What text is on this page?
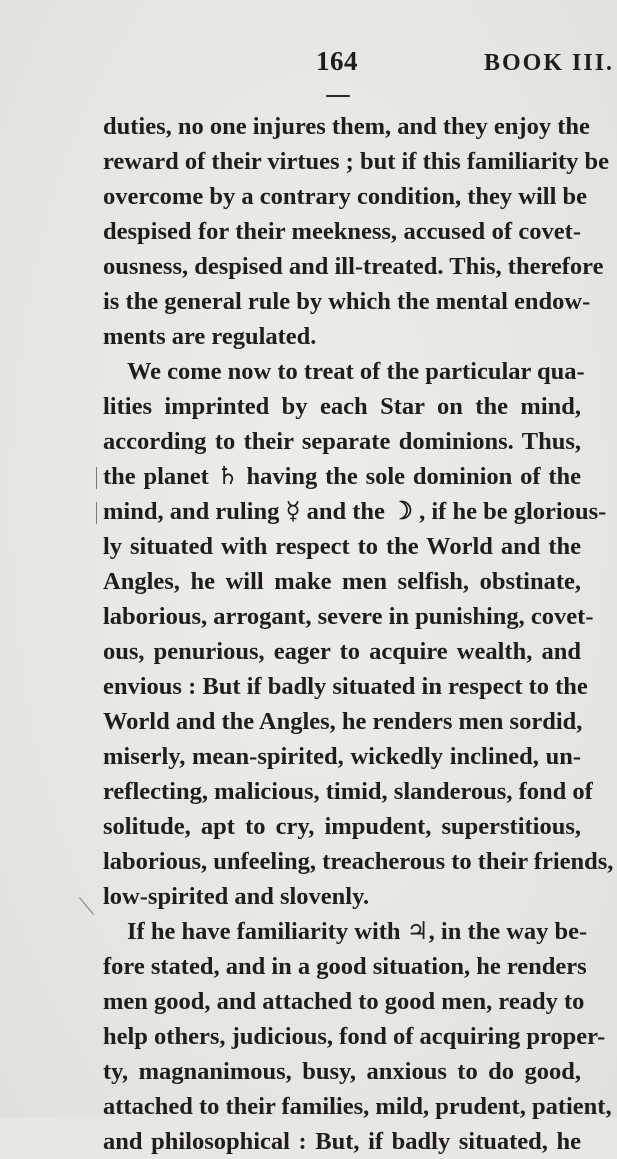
164	BOOK III.
duties, no one injures them, and they enjoy the
reward of their virtues ; but if this familiarity be
overcome by a contrary condition, they will be
despised for their meekness, accused of covet-
ousness, despised and ill-treated. This, therefore
is the general rule by which the mental endow-
ments are regulated.
We come now to treat of the particular qua-
lities imprinted by each Star on the mind,
according to their separate dominions. Thus,
the planet ♄ having the sole dominion of the
mind, and ruling ☿ and the ☽ , if he be glorious-
ly situated with respect to the World and the
Angles, he will make men selfish, obstinate,
laborious, arrogant, severe in punishing, covet-
ous, penurious, eager to acquire wealth, and
envious : But if badly situated in respect to the
World and the Angles, he renders men sordid,
miserly, mean-spirited, wickedly inclined, un-
reflecting, malicious, timid, slanderous, fond of
solitude, apt to cry, impudent, superstitious,
laborious, unfeeling, treacherous to their friends,
low-spirited and slovenly.
If he have familiarity with ♃, in the way be-
fore stated, and in a good situation, he renders
men good, and attached to good men, ready to
help others, judicious, fond of acquiring proper-
ty, magnanimous, busy, anxious to do good,
attached to their families, mild, prudent, patient,
and philosophical : But, if badly situated, he
